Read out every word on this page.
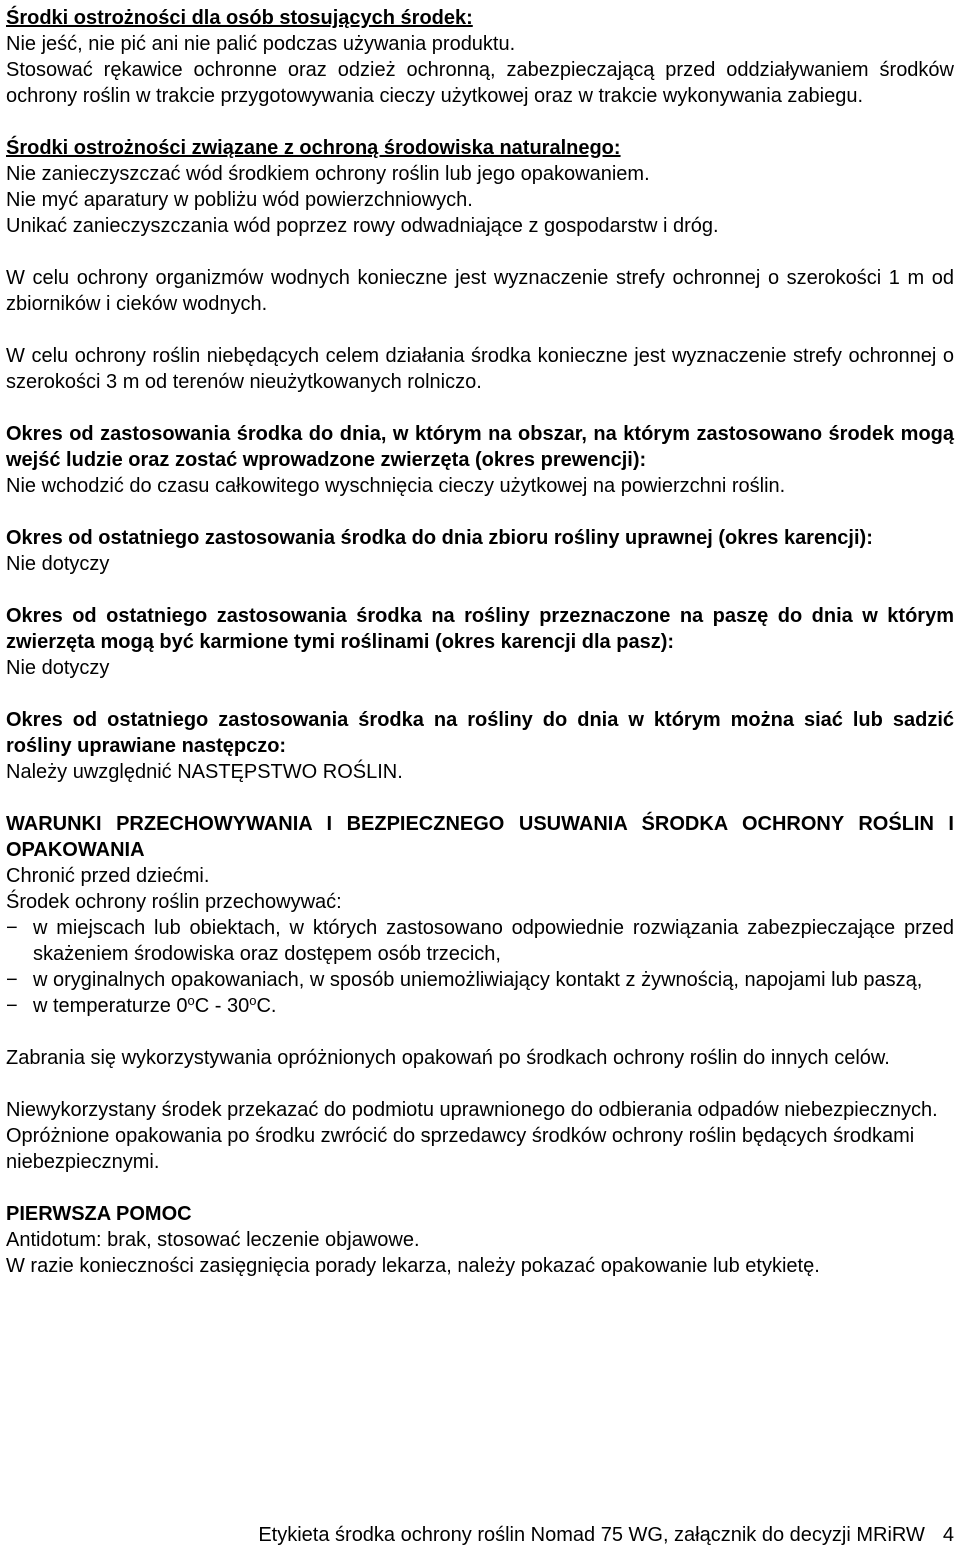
Środki ostrożności dla osób stosujących środek:
Nie jeść, nie pić ani nie palić podczas używania produktu.
Stosować rękawice ochronne oraz odzież ochronną, zabezpieczającą przed oddziaływaniem środków ochrony roślin w trakcie przygotowywania cieczy użytkowej oraz w trakcie wykonywania zabiegu.
Środki ostrożności związane z ochroną środowiska naturalnego:
Nie zanieczyszczać wód środkiem ochrony roślin lub jego opakowaniem.
Nie myć aparatury w pobliżu wód powierzchniowych.
Unikać zanieczyszczania wód poprzez rowy odwadniające z gospodarstw i dróg.
W celu ochrony organizmów wodnych konieczne jest wyznaczenie strefy ochronnej o szerokości 1 m od zbiorników i cieków wodnych.
W celu ochrony roślin niebędących celem działania środka konieczne jest wyznaczenie strefy ochronnej o szerokości 3 m od terenów nieużytkowanych rolniczo.
Okres od zastosowania środka do dnia, w którym na obszar, na którym zastosowano środek mogą wejść ludzie oraz zostać wprowadzone zwierzęta (okres prewencji):
Nie wchodzić do czasu całkowitego wyschnięcia cieczy użytkowej na powierzchni roślin.
Okres od ostatniego zastosowania środka do dnia zbioru rośliny uprawnej (okres karencji):
Nie dotyczy
Okres od ostatniego zastosowania środka na rośliny przeznaczone na paszę do dnia w którym zwierzęta mogą być karmione tymi roślinami (okres karencji dla pasz):
Nie dotyczy
Okres od ostatniego zastosowania środka na rośliny do dnia w którym można siać lub sadzić rośliny uprawiane następczo:
Należy uwzględnić NASTĘPSTWO ROŚLIN.
WARUNKI PRZECHOWYWANIA I BEZPIECZNEGO USUWANIA ŚRODKA OCHRONY ROŚLIN I OPAKOWANIA
Chronić przed dziećmi.
Środek ochrony roślin przechowywać:
− w miejscach lub obiektach, w których zastosowano odpowiednie rozwiązania zabezpieczające przed skażeniem środowiska oraz dostępem osób trzecich,
− w oryginalnych opakowaniach, w sposób uniemożliwiający kontakt z żywnością, napojami lub paszą,
− w temperaturze 0$^o$C - 30$^o$C.
Zabrania się wykorzystywania opróżnionych opakowań po środkach ochrony roślin do innych celów.
Niewykorzystany środek przekazać do podmiotu uprawnionego do odbierania odpadów niebezpiecznych.
Opróżnione opakowania po środku zwrócić do sprzedawcy środków ochrony roślin będących środkami niebezpiecznymi.
PIERWSZA POMOC
Antidotum: brak, stosować leczenie objawowe.
W razie konieczności zasięgnięcia porady lekarza, należy pokazać opakowanie lub etykietę.
Etykieta środka ochrony roślin Nomad 75 WG, załącznik do decyzji MRiRW 4
